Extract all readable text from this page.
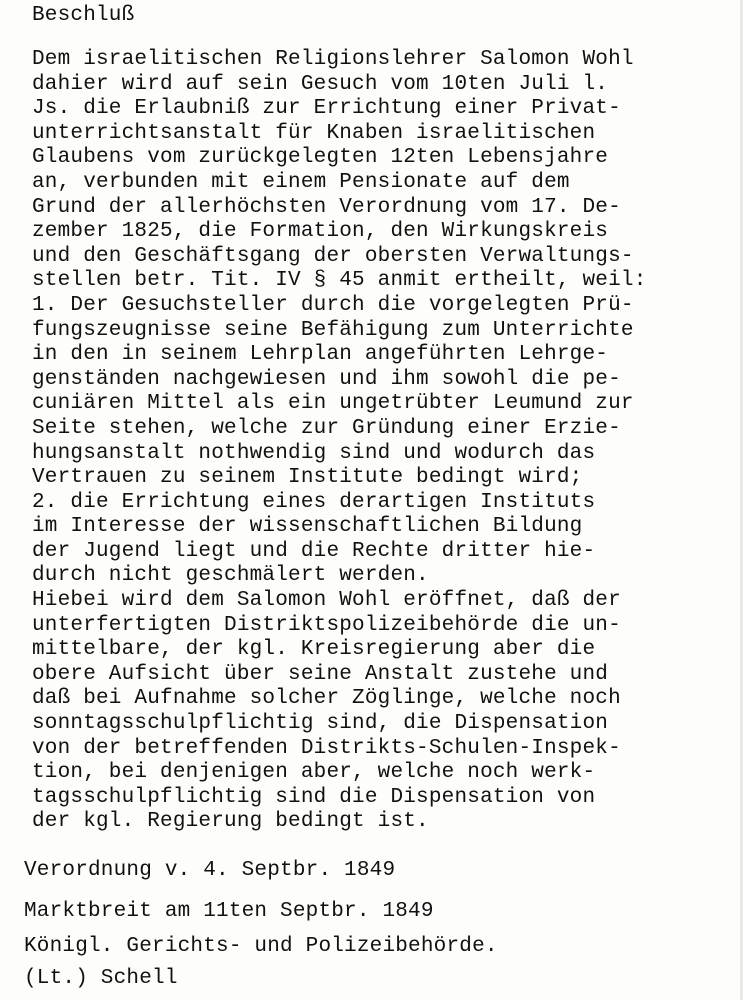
Beschluß
Dem israelitischen Religionslehrer Salomon Wohl
dahier wird auf sein Gesuch vom 10ten Juli l.
Js. die Erlaubniß zur Errichtung einer Privat-
unterrichtsanstalt für Knaben israelitischen
Glaubens vom zurückgelegten 12ten Lebensjahre
an, verbunden mit einem Pensionate auf dem
Grund der allerhöchsten Verordnung vom 17. De-
zember 1825, die Formation, den Wirkungskreis
und den Geschäftsgang der obersten Verwaltungs-
stellen betr. Tit. IV § 45 anmit ertheilt, weil:
1. Der Gesuchsteller durch die vorgelegten Prü-
fungszeugnisse seine Befähigung zum Unterrichte
in den in seinem Lehrplan angeführten Lehrge-
genständen nachgewiesen und ihm sowohl die pe-
cuniären Mittel als ein ungetrübter Leumund zur
Seite stehen, welche zur Gründung einer Erzie-
hungsanstalt nothwendig sind und wodurch das
Vertrauen zu seinem Institute bedingt wird;
2. die Errichtung eines derartigen Instituts
im Interesse der wissenschaftlichen Bildung
der Jugend liegt und die Rechte dritter hie-
durch nicht geschmälert werden.
Hiebei wird dem Salomon Wohl eröffnet, daß der
unterfertigten Distriktspolizeibehörde die un-
mittelbare, der kgl. Kreisregierung aber die
obere Aufsicht über seine Anstalt zustehe und
daß bei Aufnahme solcher Zöglinge, welche noch
sonntagsschulpflichtig sind, die Dispensation
von der betreffenden Distrikts-Schulen-Inspek-
tion, bei denjenigen aber, welche noch werk-
tagsschulpflichtig sind die Dispensation von
der kgl. Regierung bedingt ist.

Verordnung v. 4. Septbr. 1849

Marktbreit am 11ten Septbr. 1849

Königl. Gerichts- und Polizeibehörde.

(Lt.) Schell
